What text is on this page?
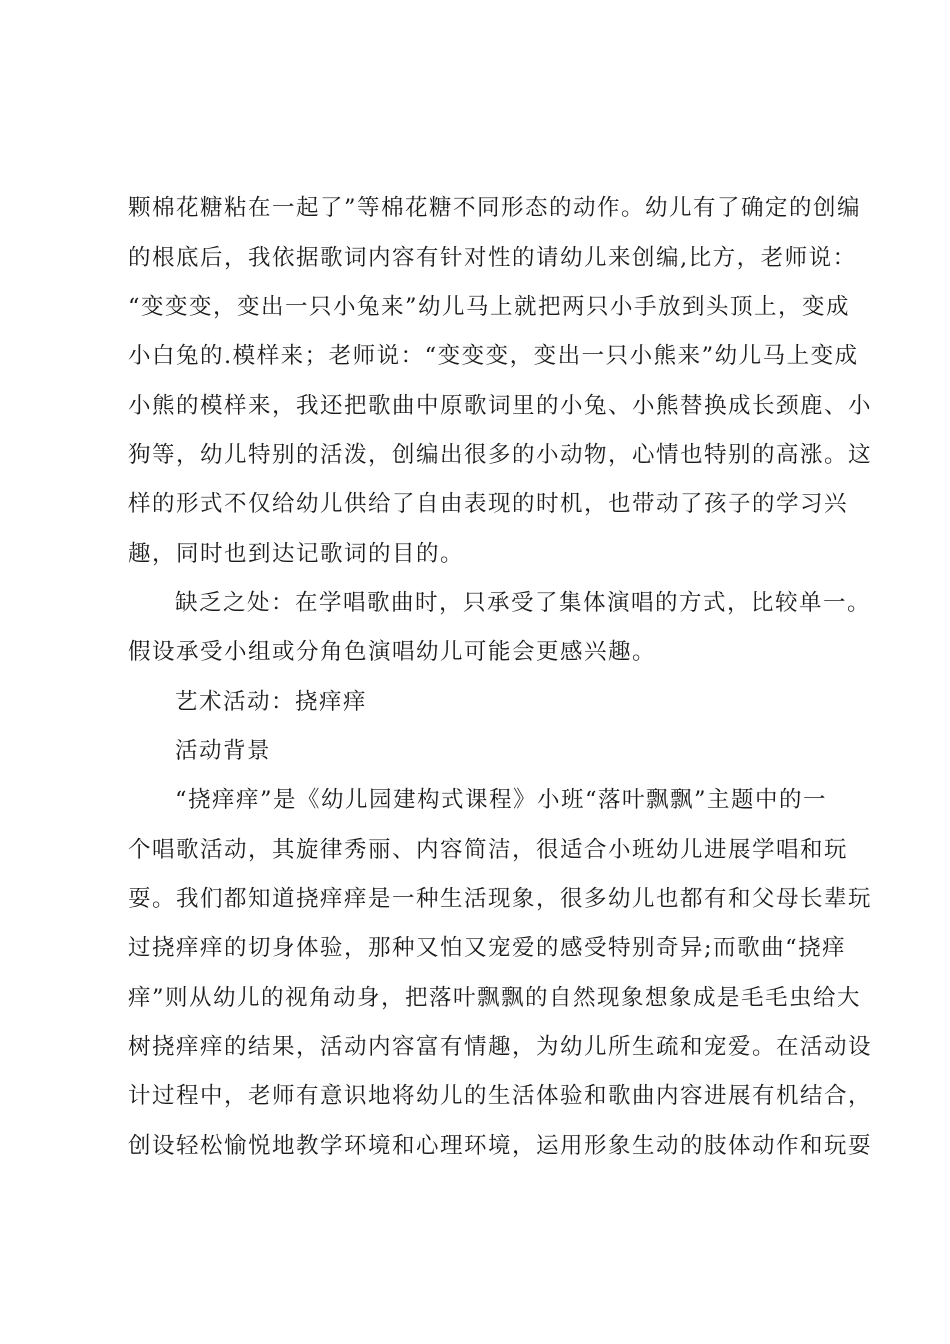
颗棉花糖粘在一起了”等棉花糖不同形态的动作。幼儿有了确定的创编
的根底后，我依据歌词内容有针对性的请幼儿来创编,比方，老师说：
“变变变，变出一只小兔来”幼儿马上就把两只小手放到头顶上，变成
小白兔的.模样来；老师说：“变变变，变出一只小熊来”幼儿马上变成
小熊的模样来，我还把歌曲中原歌词里的小兔、小熊替换成长颈鹿、小
狗等，幼儿特别的活泼，创编出很多的小动物，心情也特别的高涨。这
样的形式不仅给幼儿供给了自由表现的时机，也带动了孩子的学习兴
趣，同时也到达记歌词的目的。
缺乏之处：在学唱歌曲时，只承受了集体演唱的方式，比较单一。
假设承受小组或分角色演唱幼儿可能会更感兴趣。
艺术活动：挠痒痒
活动背景
“挠痒痒”是《幼儿园建构式课程》小班“落叶飘飘”主题中的一
个唱歌活动，其旋律秀丽、内容简洁，很适合小班幼儿进展学唱和玩
耍。我们都知道挠痒痒是一种生活现象，很多幼儿也都有和父母长辈玩
过挠痒痒的切身体验，那种又怕又宠爱的感受特别奇异;而歌曲“挠痒
痒”则从幼儿的视角动身，把落叶飘飘的自然现象想象成是毛毛虫给大
树挠痒痒的结果，活动内容富有情趣，为幼儿所生疏和宠爱。在活动设
计过程中，老师有意识地将幼儿的生活体验和歌曲内容进展有机结合，
创设轻松愉悦地教学环境和心理环境，运用形象生动的肢体动作和玩耍
